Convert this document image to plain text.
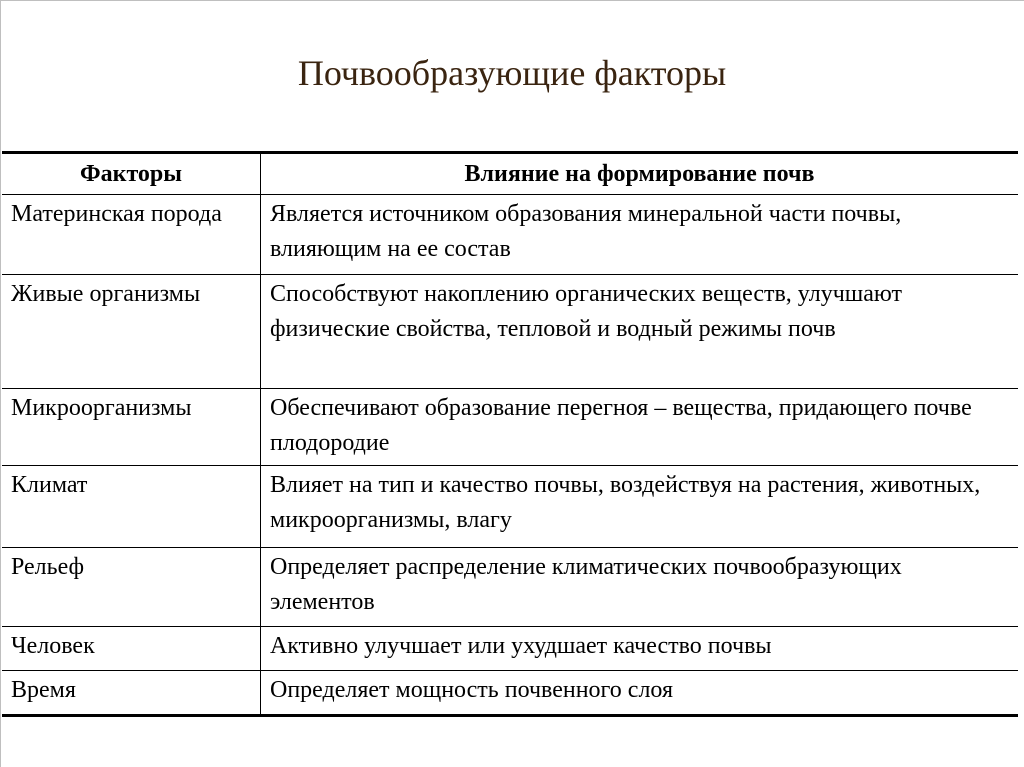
Почвообразующие факторы
Факторы	Влияние на формирование почв
Материнская порода	Является источником образования минеральной части почвы, влияющим на ее состав
Живые организмы	Способствуют накоплению органических веществ, улучшают физические свойства, тепловой и водный режимы почв
Микроорганизмы	Обеспечивают образование перегноя – вещества, придающего почве плодородие
Климат	Влияет на тип и качество почвы, воздействуя на растения, животных, микроорганизмы, влагу
Рельеф	Определяет распределение климатических почвообразующих элементов
Человек	Активно улучшает или ухудшает качество почвы
Время	Определяет мощность почвенного слоя
